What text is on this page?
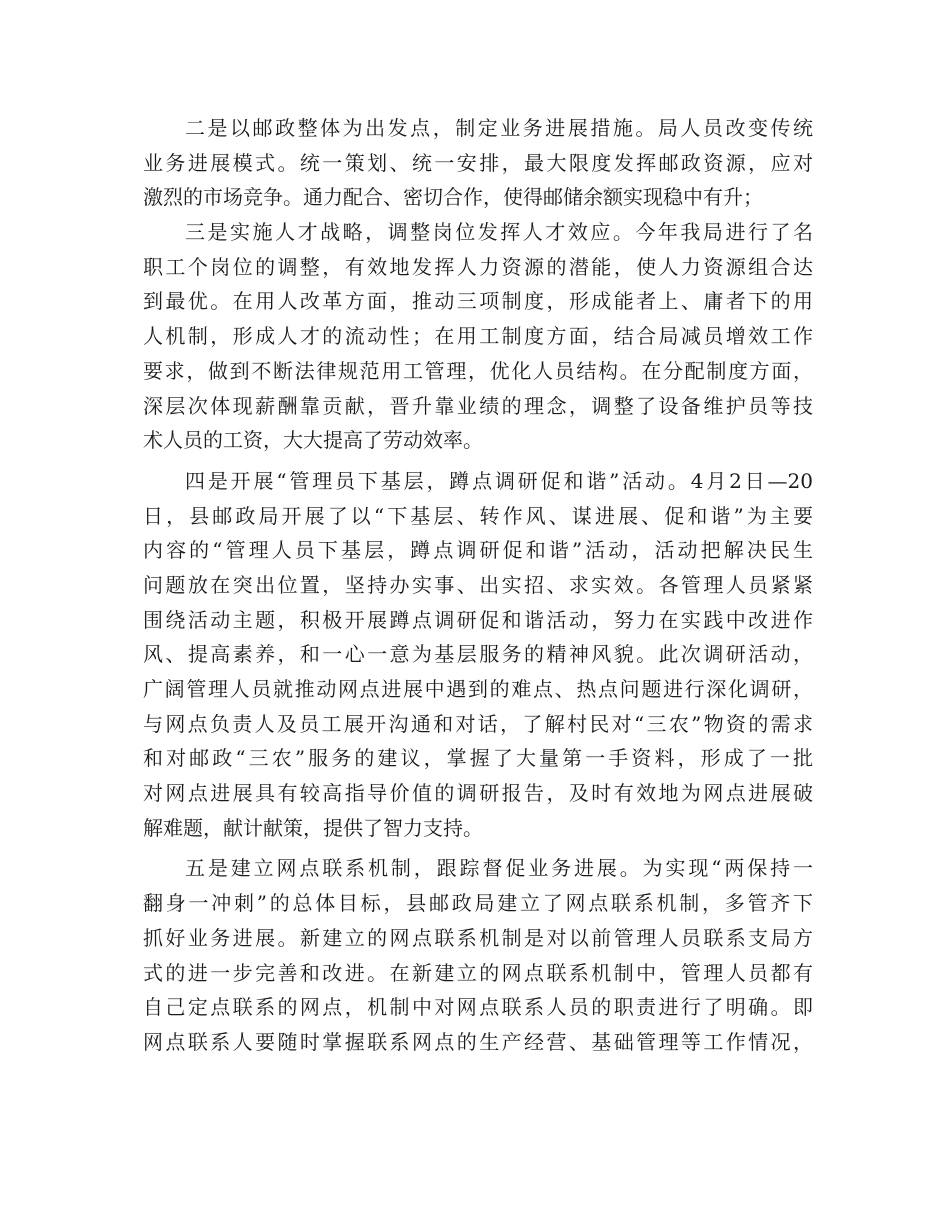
二是以邮政整体为出发点，制定业务进展措施。局人员改变传统
业务进展模式。统一策划、统一安排，最大限度发挥邮政资源，应对
激烈的市场竞争。通力配合、密切合作，使得邮储余额实现稳中有升；
三是实施人才战略，调整岗位发挥人才效应。今年我局进行了名
职工个岗位的调整，有效地发挥人力资源的潜能，使人力资源组合达
到最优。在用人改革方面，推动三项制度，形成能者上、庸者下的用
人机制，形成人才的流动性；在用工制度方面，结合局减员增效工作
要求，做到不断法律规范用工管理，优化人员结构。在分配制度方面，
深层次体现薪酬靠贡献，晋升靠业绩的理念，调整了设备维护员等技
术人员的工资，大大提高了劳动效率。
四是开展“管理员下基层，蹲点调研促和谐”活动。4月2日—20
日，县邮政局开展了以“下基层、转作风、谋进展、促和谐”为主要
内容的“管理人员下基层，蹲点调研促和谐”活动，活动把解决民生
问题放在突出位置，坚持办实事、出实招、求实效。各管理人员紧紧
围绕活动主题，积极开展蹲点调研促和谐活动，努力在实践中改进作
风、提高素养，和一心一意为基层服务的精神风貌。此次调研活动，
广阔管理人员就推动网点进展中遇到的难点、热点问题进行深化调研，
与网点负责人及员工展开沟通和对话，了解村民对“三农”物资的需求
和对邮政“三农”服务的建议，掌握了大量第一手资料，形成了一批
对网点进展具有较高指导价值的调研报告，及时有效地为网点进展破
解难题，献计献策，提供了智力支持。
五是建立网点联系机制，跟踪督促业务进展。为实现“两保持一
翻身一冲刺”的总体目标，县邮政局建立了网点联系机制，多管齐下
抓好业务进展。新建立的网点联系机制是对以前管理人员联系支局方
式的进一步完善和改进。在新建立的网点联系机制中，管理人员都有
自己定点联系的网点，机制中对网点联系人员的职责进行了明确。即
网点联系人要随时掌握联系网点的生产经营、基础管理等工作情况，
